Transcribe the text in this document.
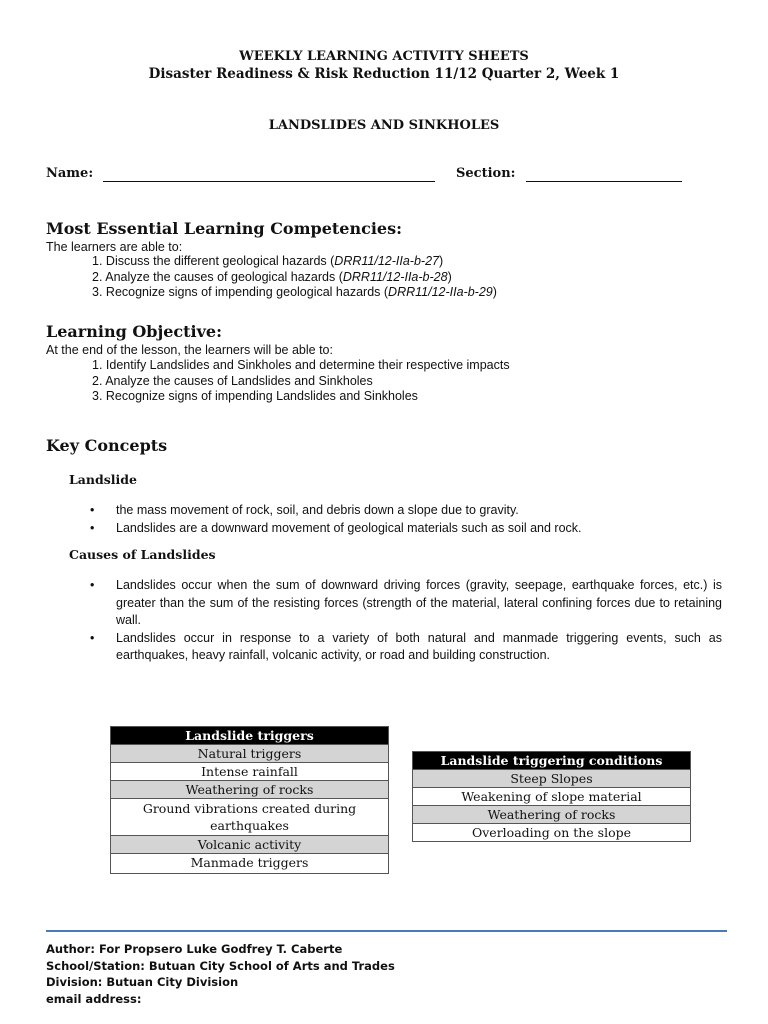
WEEKLY LEARNING ACTIVITY SHEETS
Disaster Readiness & Risk Reduction 11/12 Quarter 2, Week 1
LANDSLIDES AND SINKHOLES
Name:	Section:
Most Essential Learning Competencies:
The learners are able to:
1. Discuss the different geological hazards (DRR11/12-IIa-b-27)
2. Analyze the causes of geological hazards (DRR11/12-IIa-b-28)
3. Recognize signs of impending geological hazards (DRR11/12-IIa-b-29)
Learning Objective:
At the end of the lesson, the learners will be able to:
1. Identify Landslides and Sinkholes and determine their respective impacts
2. Analyze the causes of Landslides and Sinkholes
3. Recognize signs of impending Landslides and Sinkholes
Key Concepts
Landslide
• the mass movement of rock, soil, and debris down a slope due to gravity.
• Landslides are a downward movement of geological materials such as soil and rock.
Causes of Landslides
• Landslides occur when the sum of downward driving forces (gravity, seepage, earthquake forces, etc.) is greater than the sum of the resisting forces (strength of the material, lateral confining forces due to retaining wall.
• Landslides occur in response to a variety of both natural and manmade triggering events, such as earthquakes, heavy rainfall, volcanic activity, or road and building construction.
Landslide triggers
Natural triggers
Intense rainfall
Weathering of rocks
Ground vibrations created during earthquakes
Volcanic activity
Manmade triggers
Landslide triggering conditions
Steep Slopes
Weakening of slope material
Weathering of rocks
Overloading on the slope
Author: For Propsero Luke Godfrey T. Caberte
School/Station: Butuan City School of Arts and Trades
Division: Butuan City Division
email address:
